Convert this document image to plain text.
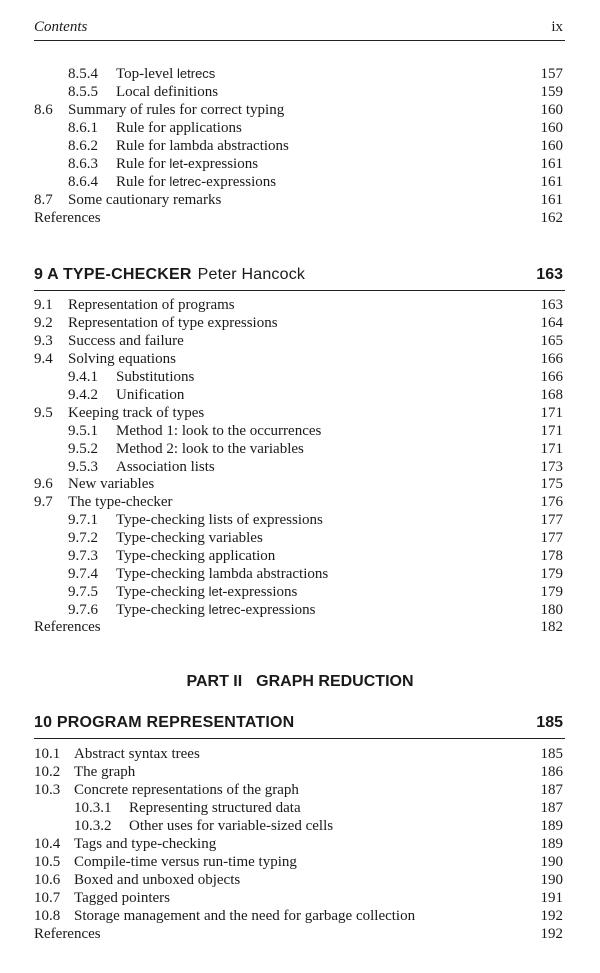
Contents	ix
8.5.4 Top-level letrecs	157
8.5.5 Local definitions	159
8.6 Summary of rules for correct typing	160
8.6.1 Rule for applications	160
8.6.2 Rule for lambda abstractions	160
8.6.3 Rule for let-expressions	161
8.6.4 Rule for letrec-expressions	161
8.7 Some cautionary remarks	161
References	162
9 A TYPE-CHECKER Peter Hancock	163
9.1 Representation of programs	163
9.2 Representation of type expressions	164
9.3 Success and failure	165
9.4 Solving equations	166
9.4.1 Substitutions	166
9.4.2 Unification	168
9.5 Keeping track of types	171
9.5.1 Method 1: look to the occurrences	171
9.5.2 Method 2: look to the variables	171
9.5.3 Association lists	173
9.6 New variables	175
9.7 The type-checker	176
9.7.1 Type-checking lists of expressions	177
9.7.2 Type-checking variables	177
9.7.3 Type-checking application	178
9.7.4 Type-checking lambda abstractions	179
9.7.5 Type-checking let-expressions	179
9.7.6 Type-checking letrec-expressions	180
References	182
PART II GRAPH REDUCTION
10 PROGRAM REPRESENTATION	185
10.1 Abstract syntax trees	185
10.2 The graph	186
10.3 Concrete representations of the graph	187
10.3.1 Representing structured data	187
10.3.2 Other uses for variable-sized cells	189
10.4 Tags and type-checking	189
10.5 Compile-time versus run-time typing	190
10.6 Boxed and unboxed objects	190
10.7 Tagged pointers	191
10.8 Storage management and the need for garbage collection	192
References	192
